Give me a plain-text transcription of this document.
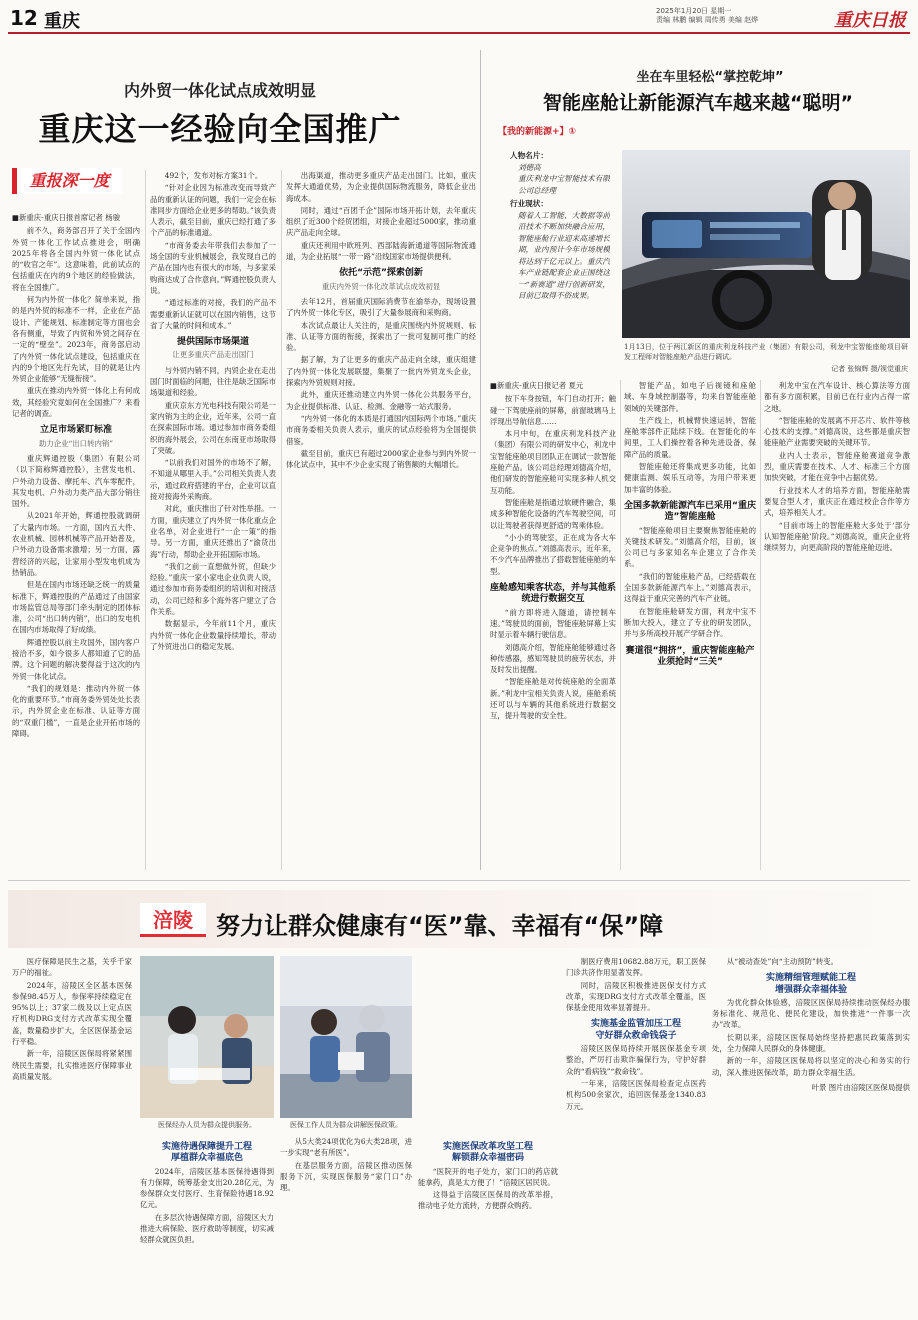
12 重庆	2025年1月20日 星期一
责编 林鹏 编辑 周传勇 美编 赵烨	重庆日报
内外贸一体化试点成效明显
重庆这一经验向全国推广
重报深一度
■新重庆-重庆日报首席记者 杨骏

前不久，商务部召开了关于全国内外贸一体化工作试点推进会，明确2025年将各全国内外贸一体化试点的“收官之年”。这意味着，此前试点的包括重庆在内的9个地区的经验做法，将在全国推广。

何为内外贸一体化？简单来说，指的是内外贸的标准不一样，企业在产品设计、产能规划、标准制定等方面也会各有侧重，导致了内贸和外贸之间存在一定的“壁垒”。2023年，商务部启动了内外贸一体化试点建设，包括重庆在内的9个地区先行先试，目的就是让内外贸企业能够“无缝衔接”。

重庆在推动内外贸一体化上有何成效，其经验究竟如何在全国推广？来看记者的调查。

立足市场紧盯标准
助力企业“出口转内销”

重庆辉通控股（集团）有限公司（以下简称辉通控股），主营发电机、户外动力设备、摩托车、汽车零配件，其发电机、户外动力类产品大部分销往国外。

从2021年开始，辉通控股就调研了大量内市场。一方面，国内五大件、农业机械、园林机械等产品开始普及，户外动力设备需求激增；另一方面，露营经济的兴起，让家用小型发电机成为热销品。

但是在国内市场还缺乏统一的质量标准下，辉通控股的产品通过了由国家市场监管总局等部门牵头制定的团体标准，公司“出口转内销”，出口的发电机在国内市场取得了好成绩。

辉通控股以前主攻国外，国内客户接洽不多，如今很多人都知道了它的品牌。这个问题的解决要得益于这次的内外贸一体化试点。

“我们的规划是：推动内外贸一体化的重要环节。”市商务委外贸处处长表示，内外贸企业在标准、认证等方面的“双重门槛”，一直是企业开拓市场的障碍。

492个，发布对标方案31个。

“针对企业因为标准改变而导致产品的重新认证的问题，我们一定会在标准同步方面给企业更多的帮助。”该负责人表示，截至目前，重庆已经打通了多个产品的标准通道。

“市商务委去年带我们去参加了一场全国的专业机械展会，我发现自己的产品在国内也有很大的市场，与多家采购商达成了合作意向。”辉通控股负责人说。

“通过标准的对接，我们的产品不需要重新认证就可以在国内销售，这节省了大量的时间和成本。”

提供国际市场渠道
让更多重庆产品走出国门

与外贸内销不同，内贸企业在走出国门时面临的问题，往往是缺乏国际市场渠道和经验。

重庆京东方光电科技有限公司是一家内销为主的企业，近年来，公司一直在探索国际市场。通过参加市商务委组织的海外展会，公司在东南亚市场取得了突破。

“以前我们对国外的市场不了解，不知道从哪里入手。”公司相关负责人表示，通过政府搭建的平台，企业可以直接对接海外采购商。

对此，重庆推出了针对性举措。一方面，重庆建立了内外贸一体化重点企业名单，对企业进行“一企一策”的指导。另一方面，重庆还推出了“渝货出海”行动，帮助企业开拓国际市场。

“我们之前一直想做外贸，但缺少经验。”重庆一家小家电企业负责人说，通过参加市商务委组织的培训和对接活动，公司已经和多个海外客户建立了合作关系。

数据显示，今年前11个月，重庆内外贸一体化企业数量持续增长，带动了外贸进出口的稳定发展。

出海渠道，推动更多重庆产品走出国门。比如，重庆发挥大通道优势，为企业提供国际物流服务，降低企业出海成本。

同时，通过“百团千企”国际市场开拓计划，去年重庆组织了近300个经贸团组，对接企业超过5000家，推动重庆产品走向全球。

重庆还利用中欧班列、西部陆海新通道等国际物流通道，为企业拓展“一带一路”沿线国家市场提供便利。

依托“示范”探索创新
重庆内外贸一体化改革试点成效初显

去年12月，首届重庆国际消费节在渝举办，现场设置了内外贸一体化专区，吸引了大量参展商和采购商。

本次试点最让人关注的，是重庆围绕内外贸规则、标准、认证等方面的衔接，探索出了一批可复制可推广的经验。

据了解，为了让更多的重庆产品走向全球，重庆组建了内外贸一体化发展联盟，集聚了一批内外贸龙头企业，探索内外贸规则对接。

此外，重庆还推动建立内外贸一体化公共服务平台，为企业提供标准、认证、检测、金融等一站式服务。

“内外贸一体化的本质是打通国内国际两个市场。”重庆市商务委相关负责人表示，重庆的试点经验将为全国提供借鉴。

截至目前，重庆已有超过2000家企业参与到内外贸一体化试点中，其中不少企业实现了销售额的大幅增长。

坐在车里轻松“掌控乾坤”
智能座舱让新能源汽车越来越“聪明”
【我的新能源+】①
人物名片：
刘德高
重庆利龙中宝智能技术有限公司总经理
行业现状：
随着人工智能、大数据等前沿技术不断加快融合应用，智能座舱行业迎来高速增长期，业内预计今年市场规模将达到千亿元以上。重庆汽车产业链配套企业正围绕这一“新赛道”进行创新研发，目前已取得不俗成果。
1月13日，位于两江新区的重庆利龙科技产业（集团）有限公司，利龙中宝智能座舱项目研发工程师对智能座舱产品进行调试。
记者 张锦辉 摄/视觉重庆
■新重庆-重庆日报记者 夏元

按下车身按钮，车门自动打开；触碰一下驾驶座前的屏幕，前窗玻璃马上浮现出导航信息……

本月中旬，在重庆利龙科技产业（集团）有限公司的研发中心，利龙中宝智能座舱项目团队正在调试一款智能座舱产品。该公司总经理刘德高介绍，他们研发的智能座舱可实现多种人机交互功能。

智能座舱是指通过软硬件融合，集成多种智能化设备的汽车驾驶空间，可以让驾驶者获得更舒适的驾乘体验。

“小小的驾驶室，正在成为各大车企竞争的焦点。”刘德高表示，近年来，不少汽车品牌推出了搭载智能座舱的车型。

座舱感知乘客状态，并与其他系统进行数据交互

“前方即将进入隧道，请控制车速。”驾驶员的面前，智能座舱屏幕上实时显示着车辆行驶信息。

刘德高介绍，智能座舱能够通过各种传感器，感知驾驶员的疲劳状态，并及时发出提醒。

“智能座舱是对传统座舱的全面革新。”利龙中宝相关负责人说，座舱系统还可以与车辆的其他系统进行数据交互，提升驾驶的安全性。

智能产品，如电子后视镜和座舱域、车身域控制器等，均来自智能座舱领域的关键部件。

生产线上，机械臂快速运转，智能座舱零部件正陆续下线。在智能化的车间里，工人们操控着各种先进设备，保障产品的质量。

智能座舱还将集成更多功能，比如健康监测、娱乐互动等，为用户带来更加丰富的体验。

全国多款新能源汽车已采用“重庆造”智能座舱

“智能座舱项目主要聚焦智能座舱的关键技术研发。”刘德高介绍，目前，该公司已与多家知名车企建立了合作关系。

“我们的智能座舱产品，已经搭载在全国多款新能源汽车上。”刘德高表示，这得益于重庆完善的汽车产业链。

在智能座舱研发方面，利龙中宝不断加大投入，建立了专业的研发团队，并与多所高校开展产学研合作。

赛道很“拥挤”，重庆智能座舱产业须抢时“三关”

利龙中宝在汽车设计、核心算法等方面都有多方面积累，目前已在行业内占得一席之地。

“智能座舱的发展离不开芯片、软件等核心技术的支撑。”刘德高说，这些都是重庆智能座舱产业需要突破的关键环节。

业内人士表示，智能座舱赛道竞争激烈，重庆需要在技术、人才、标准三个方面加快突破，才能在竞争中占据优势。

行业技术人才的培养方面，智能座舱需要复合型人才，重庆正在通过校企合作等方式，培养相关人才。

“目前市场上的智能座舱大多处于‘部分认知智能座舱’阶段。”刘德高说，重庆企业将继续努力，向更高阶段的智能座舱迈进。

涪陵 努力让群众健康有“医”靠、幸福有“保”障

医疗保障是民生之基，关乎千家万户的福祉。

2024年，涪陵区全区基本医保参保98.45万人，参保率持续稳定在95%以上；37家二级及以上定点医疗机构DRG支付方式改革实现全覆盖，数量稳步扩大，全区医保基金运行平稳。

新一年，涪陵区医保局将紧紧围绕民生需要，扎实推进医疗保障事业高质量发展。

医保经办人员为群众提供服务。	医保工作人员为群众讲解医保政策。
实施待遇保障提升工程
厚植群众幸福底色

2024年，涪陵区基本医保待遇得到有力保障，统筹基金支出20.28亿元，为参保群众支付医疗、生育保险待遇18.92亿元。

在多层次待遇保障方面，涪陵区大力推进大病保险、医疗救助等制度，切实减轻群众就医负担。

从5大类24项优化为6大类28项，进一步实现“老有所医”。

在基层服务方面，涪陵区推动医保服务下沉，实现医保服务“家门口”办理。

实施医保改革攻坚工程
解锁群众幸福密码

“医院开的电子处方，家门口的药店就能拿药，真是太方便了！”涪陵区居民说。

这得益于涪陵区医保局的改革举措，推动电子处方流转，方便群众购药。

制医疗费用10682.88万元，职工医保门诊共济作用显著发挥。

同时，涪陵区积极推进医保支付方式改革，实现DRG支付方式改革全覆盖，医保基金使用效率显著提升。

实施基金监管加压工程
守好群众救命钱袋子

涪陵区医保局持续开展医保基金专项整治，严厉打击欺诈骗保行为，守护好群众的“看病钱”“救命钱”。

一年来，涪陵区医保局检查定点医药机构500余家次，追回医保基金1340.83万元。

从“被动查处”向“主动预防”转变。

实施精细管理赋能工程
增强群众幸福体验

为优化群众体验感，涪陵区医保局持续推动医保经办服务标准化、规范化、便民化建设，加快推进“一件事一次办”改革。

长期以来，涪陵区医保局始终坚持把惠民政策落到实处，全力保障人民群众的身体健康。

新的一年，涪陵区医保局将以坚定的决心和务实的行动，深入推进医保改革，助力群众幸福生活。

叶景 图片由涪陵区医保局提供
